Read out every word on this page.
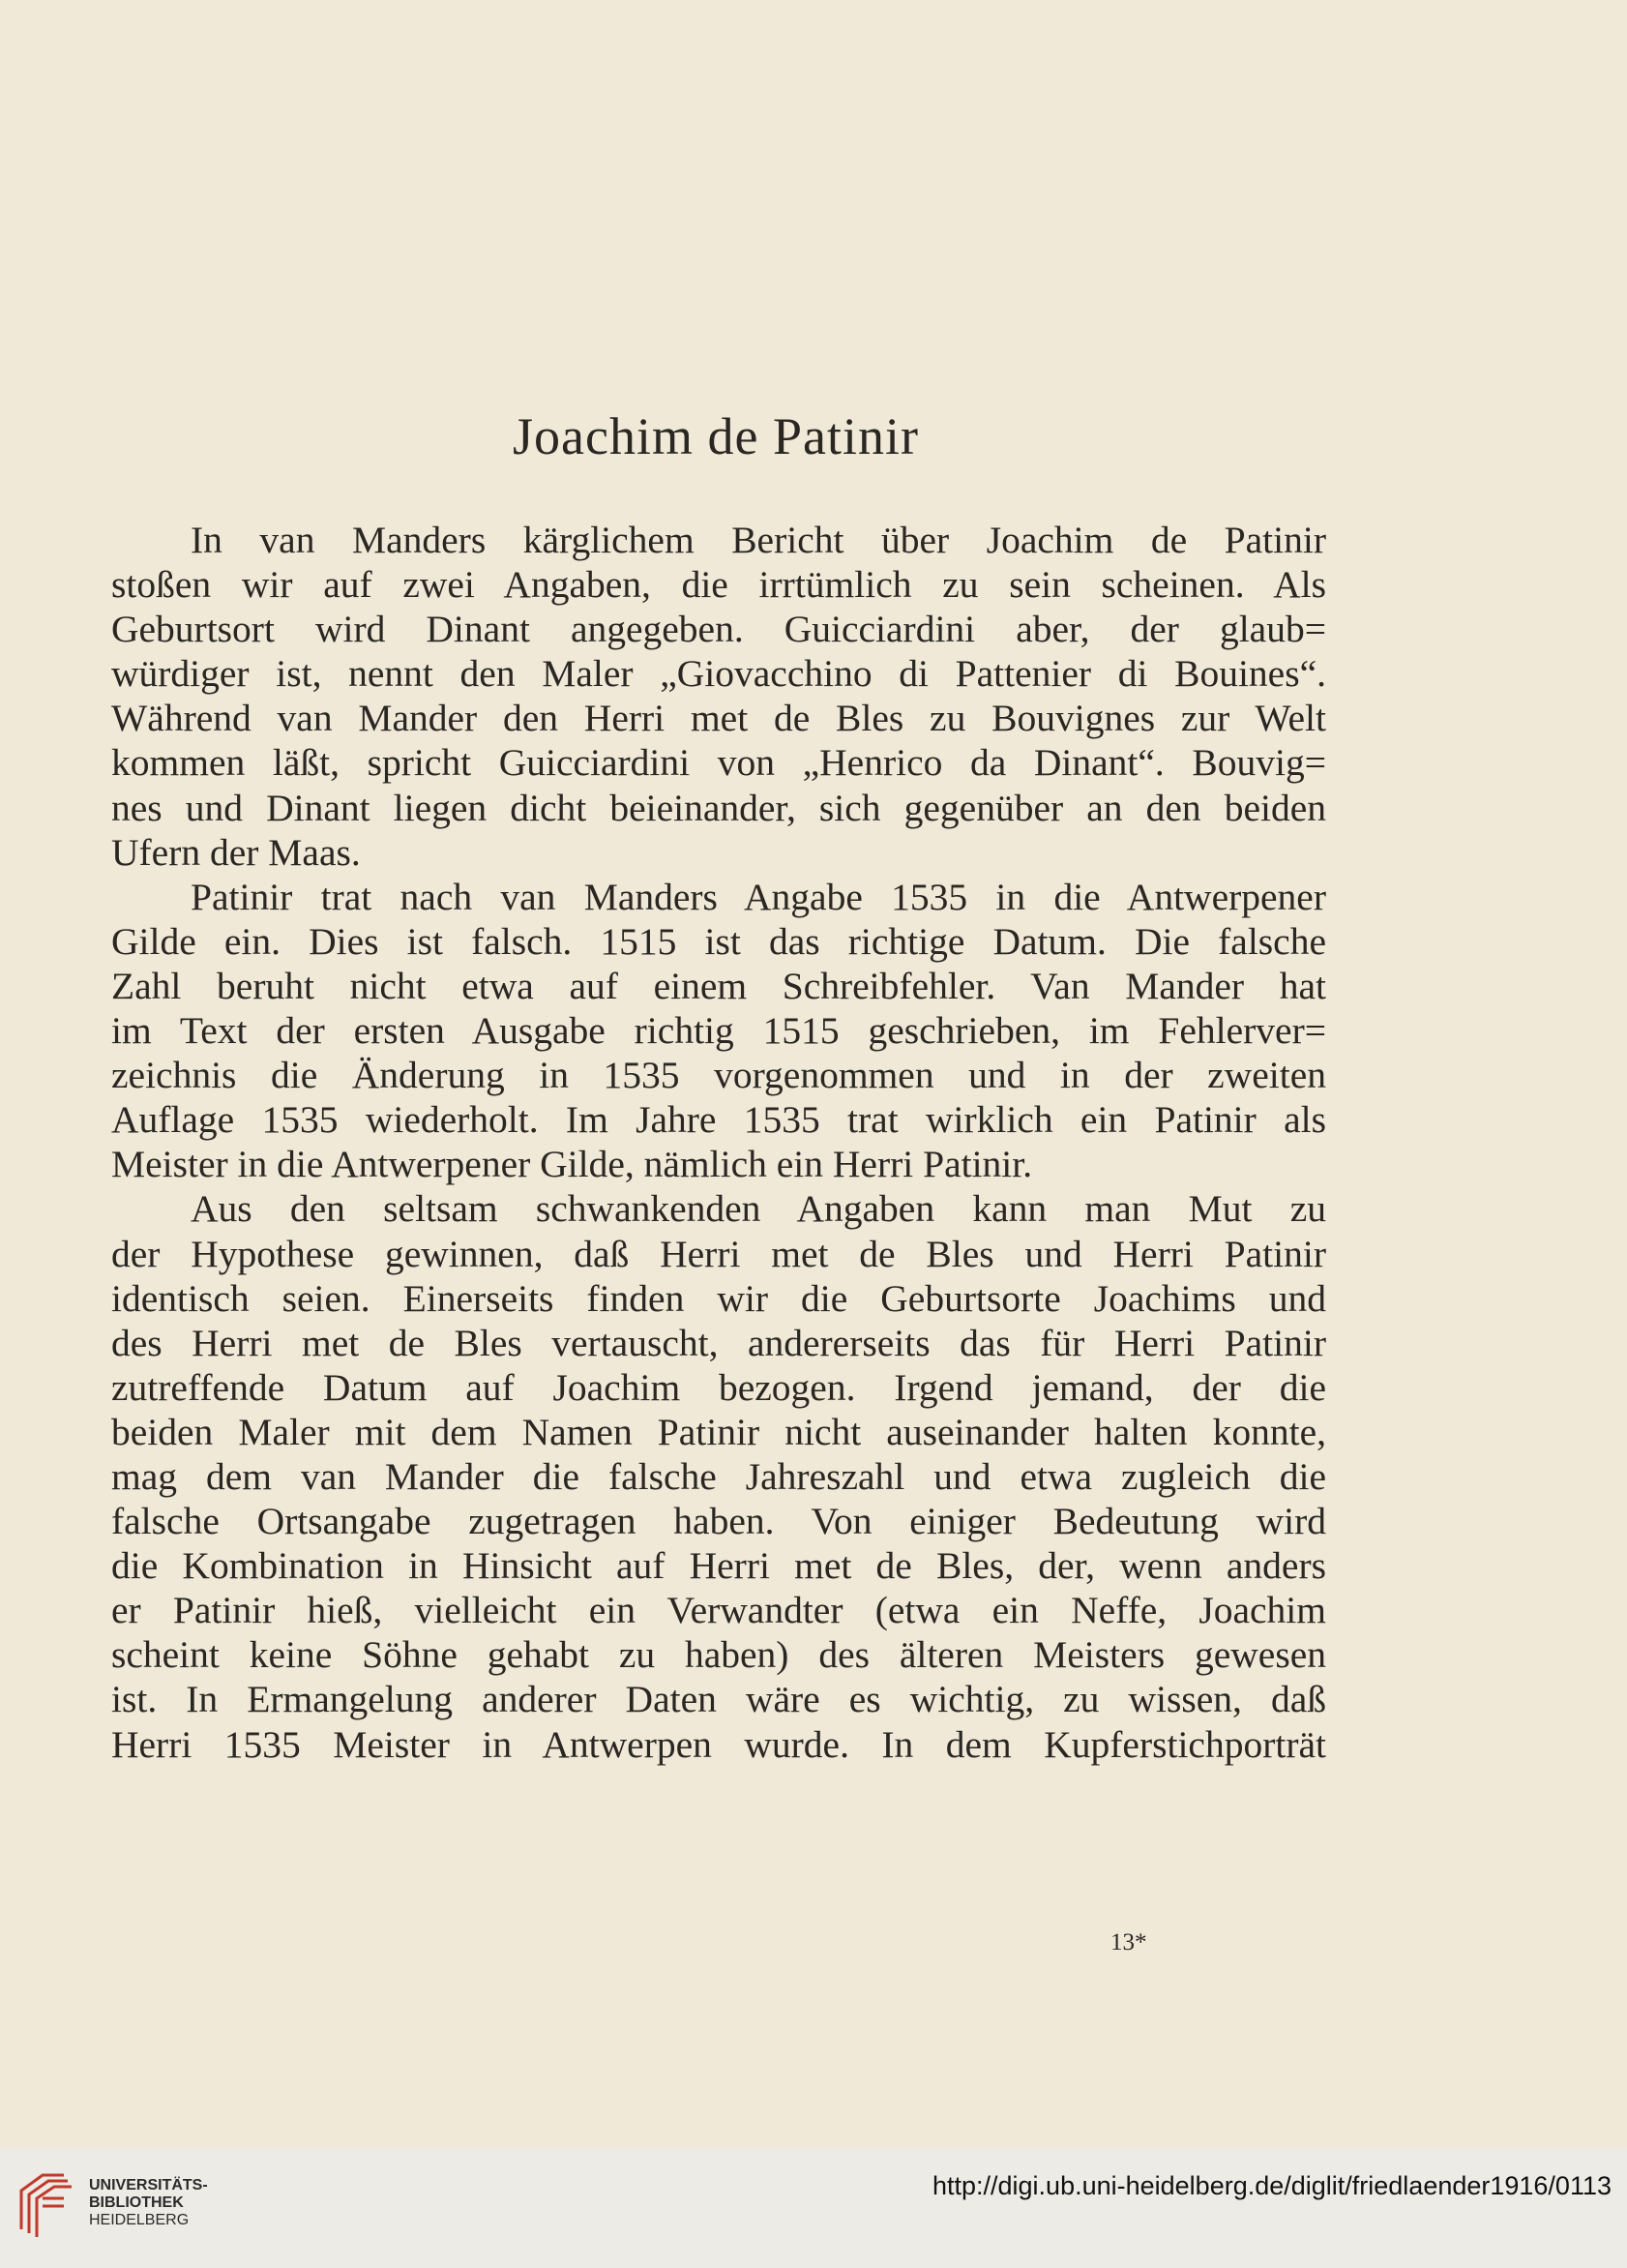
Joachim de Patinir
In van Manders kärglichem Bericht über Joachim de Patinir
stoßen wir auf zwei Angaben, die irrtümlich zu sein scheinen. Als
Geburtsort wird Dinant angegeben. Guicciardini aber, der glaub=
würdiger ist, nennt den Maler „Giovacchino di Pattenier di Bouines“.
Während van Mander den Herri met de Bles zu Bouvignes zur Welt
kommen läßt, spricht Guicciardini von „Henrico da Dinant“. Bouvig=
nes und Dinant liegen dicht beieinander, sich gegenüber an den beiden
Ufern der Maas.
Patinir trat nach van Manders Angabe 1535 in die Antwerpener
Gilde ein. Dies ist falsch. 1515 ist das richtige Datum. Die falsche
Zahl beruht nicht etwa auf einem Schreibfehler. Van Mander hat
im Text der ersten Ausgabe richtig 1515 geschrieben, im Fehlerver=
zeichnis die Änderung in 1535 vorgenommen und in der zweiten
Auflage 1535 wiederholt. Im Jahre 1535 trat wirklich ein Patinir als
Meister in die Antwerpener Gilde, nämlich ein Herri Patinir.
Aus den seltsam schwankenden Angaben kann man Mut zu
der Hypothese gewinnen, daß Herri met de Bles und Herri Patinir
identisch seien. Einerseits finden wir die Geburtsorte Joachims und
des Herri met de Bles vertauscht, andererseits das für Herri Patinir
zutreffende Datum auf Joachim bezogen. Irgend jemand, der die
beiden Maler mit dem Namen Patinir nicht auseinander halten konnte,
mag dem van Mander die falsche Jahreszahl und etwa zugleich die
falsche Ortsangabe zugetragen haben. Von einiger Bedeutung wird
die Kombination in Hinsicht auf Herri met de Bles, der, wenn anders
er Patinir hieß, vielleicht ein Verwandter (etwa ein Neffe, Joachim
scheint keine Söhne gehabt zu haben) des älteren Meisters gewesen
ist. In Ermangelung anderer Daten wäre es wichtig, zu wissen, daß
Herri 1535 Meister in Antwerpen wurde. In dem Kupferstichporträt
13*
UNIVERSITÄTS-
BIBLIOTHEK
HEIDELBERG
http://digi.ub.uni-heidelberg.de/diglit/friedlaender1916/0113
